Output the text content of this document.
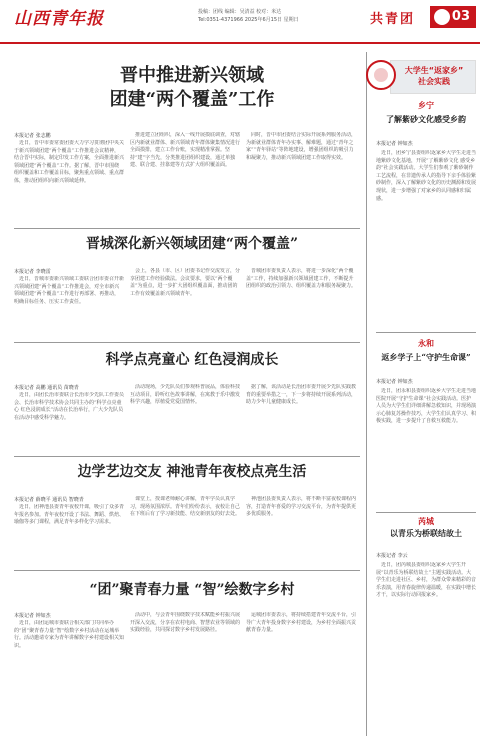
山西青年报	投稿：团线 编辑：吴清益 校对：米达
Tel:0351-4371966 2025年6月15日 星期日	共青团	03
晋中推进新兴领域
团建“两个覆盖”工作
本报记者 张志鹏

近日，晋中市委常委团委大力学习贯彻团中央关于新兴领域团建“两个覆盖”工作推进会议精神，结合晋中实际，制定印发工作方案，全面推进新兴领域团建“两个覆盖”工作。据了解，晋中市围绕组织覆盖和工作覆盖目标，聚焦重点领域、重点群体，推动团组织向新兴领域延伸。

推进建立团组织，深入一线开展摸底调查，对辖区内新就业群体、新兴领域青年群体聚集情况进行全面摸排，建立工作台账，实现精准掌握。坚持“建”字当先，分类推进团组织建设，通过单独建、联合建、挂靠建等方式扩大组织覆盖面。

同时，晋中市团委结合实际开展系列服务活动，为新就业群体青年办实事、解难题，通过“青年之家”“青年驿站”等阵地建设，增强团组织的吸引力和凝聚力，推动新兴领域团建工作取得实效。

晋城深化新兴领域团建“两个覆盖”
本报记者 李晓雷

近日，晋城市委新兴领域工委联合团市委召开新兴领域团建“两个覆盖”工作推进会，对全市新兴领域团建“两个覆盖”工作进行再部署、再推动，明确目标任务、压实工作责任。

会上，各县（市、区）团委书记作交流发言，分享团建工作经验做法。会议要求，要以“两个覆盖”为重点，进一步扩大团组织覆盖面，推动团的工作有效覆盖新兴领域青年。

晋城团市委负责人表示，将进一步深化“两个覆盖”工作，持续加强新兴领域团建工作，不断提升团组织的政治引领力、组织覆盖力和服务凝聚力。

科学点亮童心 红色浸润成长
本报记者 高鹏 通讯员 苗晓青

近日，由团长治市委联合长治市少先队工作委员会、长治市科学技术协会共同主办的“科学点亮童心 红色浸润成长”活动在长治举行，广大少先队员在活动中感受科学魅力。

活动现场，少先队员们参观科普展品，体验科技互动项目，聆听红色故事讲解，在寓教于乐中激发科学兴趣，厚植爱党爱国情怀。

据了解，该活动是长治团市委开展少先队实践教育的重要举措之一，下一步将持续开展系列活动，助力少年儿童健康成长。

边学艺边交友 神池青年夜校点亮生活
本报记者 薛晓平 通讯员 智晓青

近日，团神池县委青年夜校开课，吸引了众多青年报名参加。青年夜校开设了书法、舞蹈、烘焙、瑜伽等多门课程，满足青年多样化学习需求。

课堂上，授课老师耐心讲解，青年学员认真学习，现场氛围浓厚。青年们纷纷表示，夜校让自己在下班后有了学习新技能、结交新朋友的好去处。

神池团县委负责人表示，将不断丰富夜校课程内容，打造青年喜爱的学习交流平台，为青年提供更多优质服务。

“团”聚青春力量 “智”绘数字乡村
本报记者 钟如杰

近日，由团运城市委联合相关部门共同举办的“团”聚青春力量“智”绘数字乡村活动在运城举行。活动邀请专家为青年讲解数字乡村建设相关知识。

活动中，与会青年围绕数字技术赋能乡村振兴展开深入交流，分享在农村电商、智慧农业等领域的实践经验，共同探讨数字乡村发展路径。

运城团市委表示，将持续搭建青年交流平台，引导广大青年投身数字乡村建设，为乡村全面振兴贡献青春力量。

大学生“返家乡”
社会实践
乡宁
了解紫砂文化感受乡韵
本报记者 钟如杰

近日，团乡宁县委组织返家乡大学生走进当地紫砂文化基地，开展“了解紫砂文化 感受乡韵”社会实践活动。大学生们参观了紫砂制作工艺流程，在非遗传承人的指导下亲手体验紫砂制作，深入了解紫砂文化的历史渊源和发展现状，进一步增强了对家乡的认同感和归属感。

永和
返乡学子上“守护生命课”
本报记者 钟如杰

近日，团永和县委组织返乡大学生走进当地医院开展“守护生命课”社会实践活动。医护人员为大学生们详细讲解急救知识，并现场演示心肺复苏操作技巧，大学生们认真学习、积极实践，进一步提升了自救互救能力。

芮城
以青乐为桥联结故土
本报记者 李云

近日，团芮城县委组织返家乡大学生开展“以青乐为桥联结故土”主题实践活动。大学生们走进社区、乡村，为群众带来精彩的音乐表演，用青春旋律传递温暖，在实践中增长才干，以实际行动回报家乡。
